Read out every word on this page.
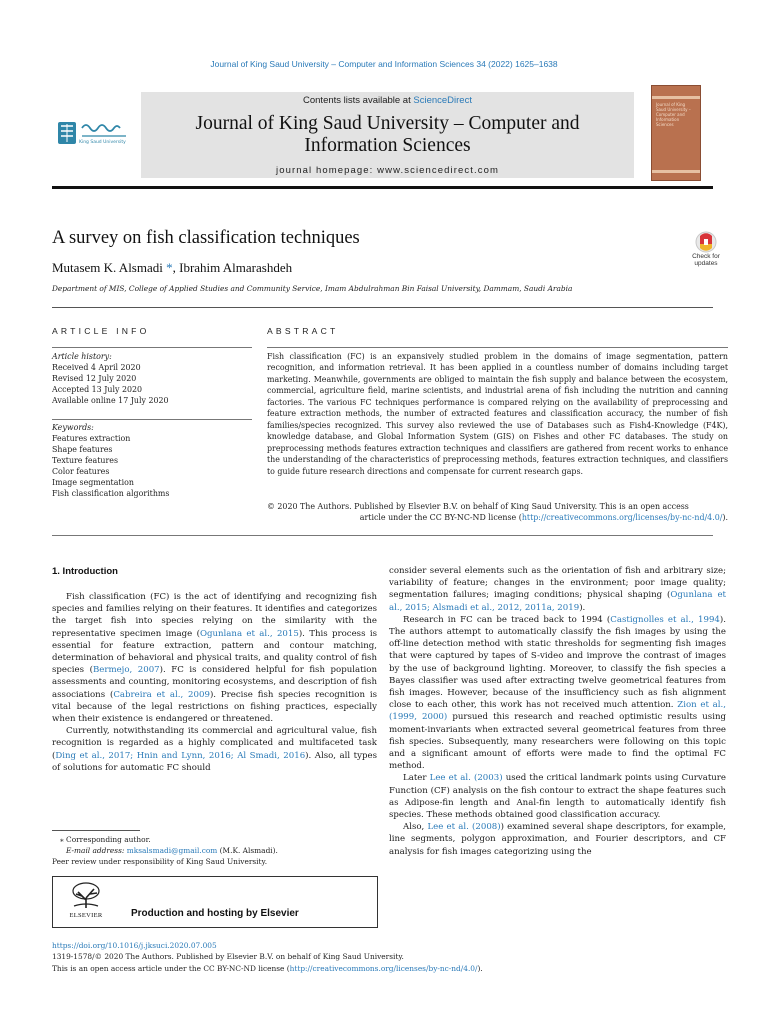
Journal of King Saud University – Computer and Information Sciences 34 (2022) 1625–1638
King Saud University
Contents lists available at ScienceDirect
Journal of King Saud University – Computer and
Information Sciences
journal homepage: www.sciencedirect.com
Journal of King Saud University – Computer and Information Sciences
A survey on fish classification techniques
Mutasem K. Alsmadi *, Ibrahim Almarashdeh
Department of MIS, College of Applied Studies and Community Service, Imam Abdulrahman Bin Faisal University, Dammam, Saudi Arabia
Check for
updates
ARTICLE INFO
Article history:
Received 4 April 2020
Revised 12 July 2020
Accepted 13 July 2020
Available online 17 July 2020
Keywords:
Features extraction
Shape features
Texture features
Color features
Image segmentation
Fish classification algorithms
ABSTRACT
Fish classification (FC) is an expansively studied problem in the domains of image segmentation, pattern recognition, and information retrieval. It has been applied in a countless number of domains including target marketing. Meanwhile, governments are obliged to maintain the fish supply and balance between the ecosystem, commercial, agriculture field, marine scientists, and industrial arena of fish including the nutrition and canning factories. The various FC techniques performance is compared relying on the availability of preprocessing and feature extraction methods, the number of extracted features and classification accuracy, the number of fish families/species recognized. This survey also reviewed the use of Databases such as Fish4-Knowledge (F4K), knowledge database, and Global Information System (GIS) on Fishes and other FC databases. The study on preprocessing methods features extraction techniques and classifiers are gathered from recent works to enhance the understanding of the characteristics of preprocessing methods, features extraction techniques, and classifiers to guide future research directions and compensate for current research gaps.
© 2020 The Authors. Published by Elsevier B.V. on behalf of King Saud University. This is an open access
article under the CC BY-NC-ND license (http://creativecommons.org/licenses/by-nc-nd/4.0/).
1. Introduction

Fish classification (FC) is the act of identifying and recognizing fish species and families relying on their features. It identifies and categorizes the target fish into species relying on the similarity with the representative specimen image (Ogunlana et al., 2015). This process is essential for feature extraction, pattern and contour matching, determination of behavioral and physical traits, and quality control of fish species (Bermejo, 2007). FC is considered helpful for fish population assessments and counting, monitoring ecosystems, and description of fish associations (Cabreira et al., 2009). Precise fish species recognition is vital because of the legal restrictions on fishing practices, especially when their existence is endangered or threatened.

Currently, notwithstanding its commercial and agricultural value, fish recognition is regarded as a highly complicated and multifaceted task (Ding et al., 2017; Hnin and Lynn, 2016; Al Smadi, 2016). Also, all types of solutions for automatic FC should

consider several elements such as the orientation of fish and arbitrary size; variability of feature; changes in the environment; poor image quality; segmentation failures; imaging conditions; physical shaping (Ogunlana et al., 2015; Alsmadi et al., 2012, 2011a, 2019).

Research in FC can be traced back to 1994 (Castignolles et al., 1994). The authors attempt to automatically classify the fish images by using the off-line detection method with static thresholds for segmenting fish images that were captured by tapes of S-video and improve the contrast of images by the use of background lighting. Moreover, to classify the fish species a Bayes classifier was used after extracting twelve geometrical features from fish images. However, because of the insufficiency such as fish alignment close to each other, this work has not received much attention. Zion et al., (1999, 2000) pursued this research and reached optimistic results using moment-invariants when extracted several geometrical features from three fish species. Subsequently, many researchers were following on this topic and a significant amount of efforts were made to find the optimal FC method.

Later Lee et al. (2003) used the critical landmark points using Curvature Function (CF) analysis on the fish contour to extract the shape features such as Adipose-fin length and Anal-fin length to automatically identify fish species. These methods obtained good classification accuracy.

Also, Lee et al. (2008)) examined several shape descriptors, for example, line segments, polygon approximation, and Fourier descriptors, and CF analysis for fish images categorizing using the

⁎ Corresponding author.
E-mail address: mksalsmadi@gmail.com (M.K. Alsmadi).
Peer review under responsibility of King Saud University.
ELSEVIER	Production and hosting by Elsevier
https://doi.org/10.1016/j.jksuci.2020.07.005
1319-1578/© 2020 The Authors. Published by Elsevier B.V. on behalf of King Saud University.
This is an open access article under the CC BY-NC-ND license (http://creativecommons.org/licenses/by-nc-nd/4.0/).
